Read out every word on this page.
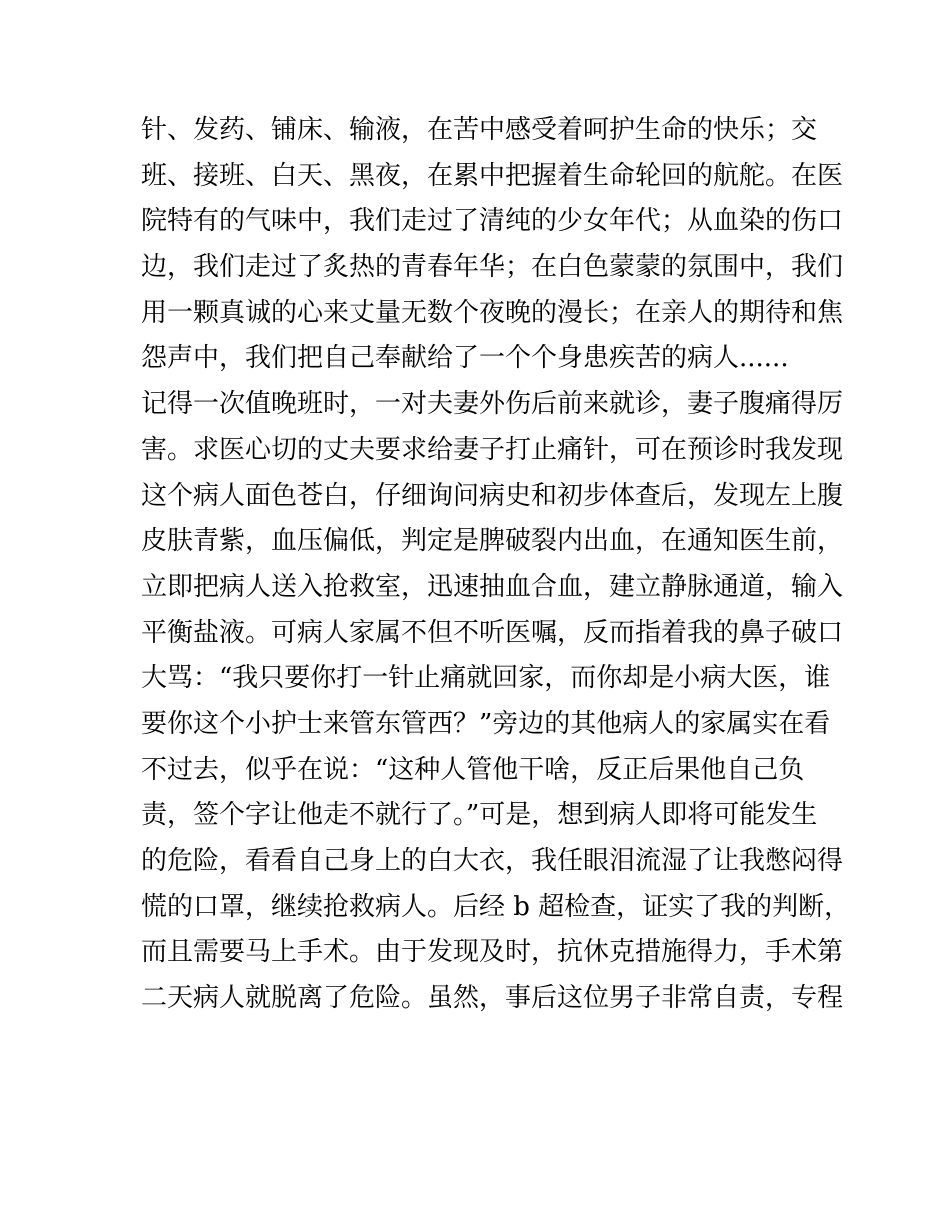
针、发药、铺床、输液，在苦中感受着呵护生命的快乐；交
班、接班、白天、黑夜，在累中把握着生命轮回的航舵。在医
院特有的气味中，我们走过了清纯的少女年代；从血染的伤口
边，我们走过了炙热的青春年华；在白色蒙蒙的氛围中，我们
用一颗真诚的心来丈量无数个夜晚的漫长；在亲人的期待和焦
怨声中，我们把自己奉献给了一个个身患疾苦的病人......
记得一次值晚班时，一对夫妻外伤后前来就诊，妻子腹痛得厉
害。求医心切的丈夫要求给妻子打止痛针，可在预诊时我发现
这个病人面色苍白，仔细询问病史和初步体查后，发现左上腹
皮肤青紫，血压偏低，判定是脾破裂内出血，在通知医生前，
立即把病人送入抢救室，迅速抽血合血，建立静脉通道，输入
平衡盐液。可病人家属不但不听医嘱，反而指着我的鼻子破口
大骂：“我只要你打一针止痛就回家，而你却是小病大医，谁
要你这个小护士来管东管西？”旁边的其他病人的家属实在看
不过去，似乎在说：“这种人管他干啥，反正后果他自己负
责，签个字让他走不就行了。”可是，想到病人即将可能发生
的危险，看看自己身上的白大衣，我任眼泪流湿了让我憋闷得
慌的口罩，继续抢救病人。后经 b 超检查，证实了我的判断，
而且需要马上手术。由于发现及时，抗休克措施得力，手术第
二天病人就脱离了危险。虽然，事后这位男子非常自责，专程
